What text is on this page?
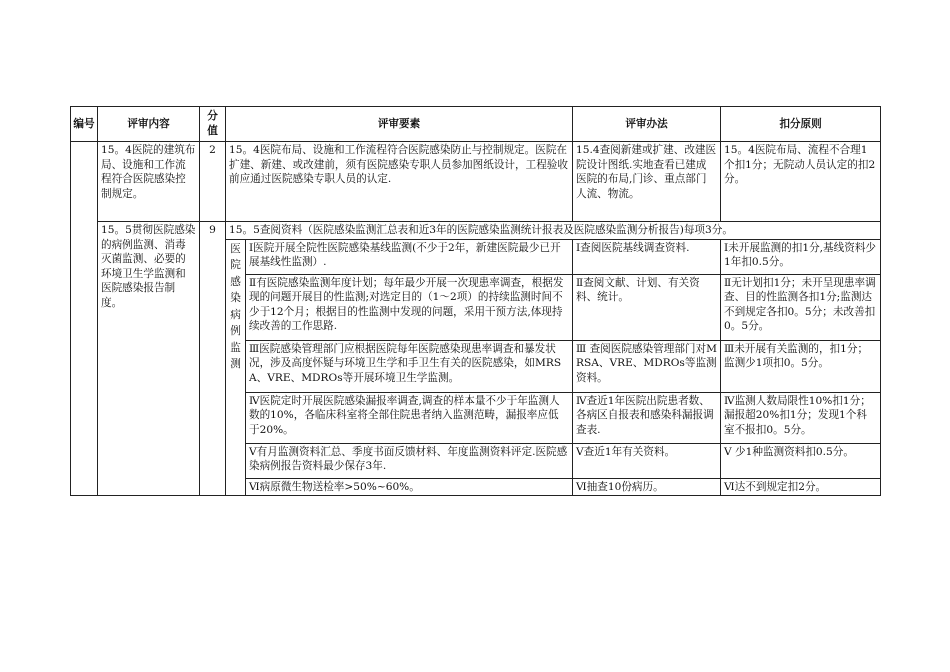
编号	评审内容	分值	评审要素		评审办法	扣分原则
	15。4医院的建筑布局、设施和工作流程符合医院感染控制规定。	2	15。4医院布局、设施和工作流程符合医院感染防止与控制规定。医院在扩建、新建、或改建前，须有医院感染专职人员参加图纸设计，工程验收前应通过医院感染专职人员的认定.		15.4查阅新建或扩建、改建医院设计图纸.实地查看已建成医院的布局,门诊、重点部门人流、物流。	15。4医院布局、流程不合理1个扣1分；无院动人员认定的扣2分。
	15。5贯彻医院感染的病例监测、消毒灭菌监测、必要的环境卫生学监测和医院感染报告制度。	9	15。5查阅资料（医院感染监测汇总表和近3年的医院感染监测统计报表及医院感染监测分析报告)每项3分。			
			医院感染病例监测	Ⅰ医院开展全院性医院感染基线监测(不少于2年，新建医院最少已开展基线性监测）.	Ⅰ查阅医院基线调查资料.	Ⅰ未开展监测的扣1分,基线资料少1年扣0.5分。
				Ⅱ有医院感染监测年度计划；每年最少开展一次现患率调查，根据发现的问题开展目的性监测;对选定目的（1～2项）的持续监测时间不少于12个月；根据目的性监测中发现的问题，采用干预方法,体现持续改善的工作思路.	Ⅱ查阅文献、计划、有关资料、统计。	Ⅱ无计划扣1分；未开呈现患率调查、目的性监测各扣1分;监测达不到规定各扣0。5分；未改善扣0。5分。
				Ⅲ医院感染管理部门应根据医院每年医院感染现患率调查和暴发状况，涉及高度怀疑与环境卫生学和手卫生有关的医院感染，如MRSA、VRE、MDROs等开展环境卫生学监测。	Ⅲ 查阅医院感染管理部门对MRSA、VRE、MDROs等监测资料。	Ⅲ未开展有关监测的，扣1分；监测少1项扣0。5分。
				Ⅳ医院定时开展医院感染漏报率调查,调查的样本量不少于年监测人数的10%，各临床科室将全部住院患者纳入监测范畴，漏报率应低于20%。	Ⅳ查近1年医院出院患者数、各病区自报表和感染科漏报调查表.	Ⅳ监测人数局限性10%扣1分；漏报超20%扣1分；发现1个科室不报扣0。5分。
				Ⅴ有月监测资料汇总、季度书面反馈材料、年度监测资料评定.医院感染病例报告资料最少保存3年.	Ⅴ查近1年有关资料。	Ⅴ 少1种监测资料扣0.5分。
				Ⅵ病原微生物送检率>50%~60%。	Ⅵ抽查10份病历。	Ⅵ达不到规定扣2分。
